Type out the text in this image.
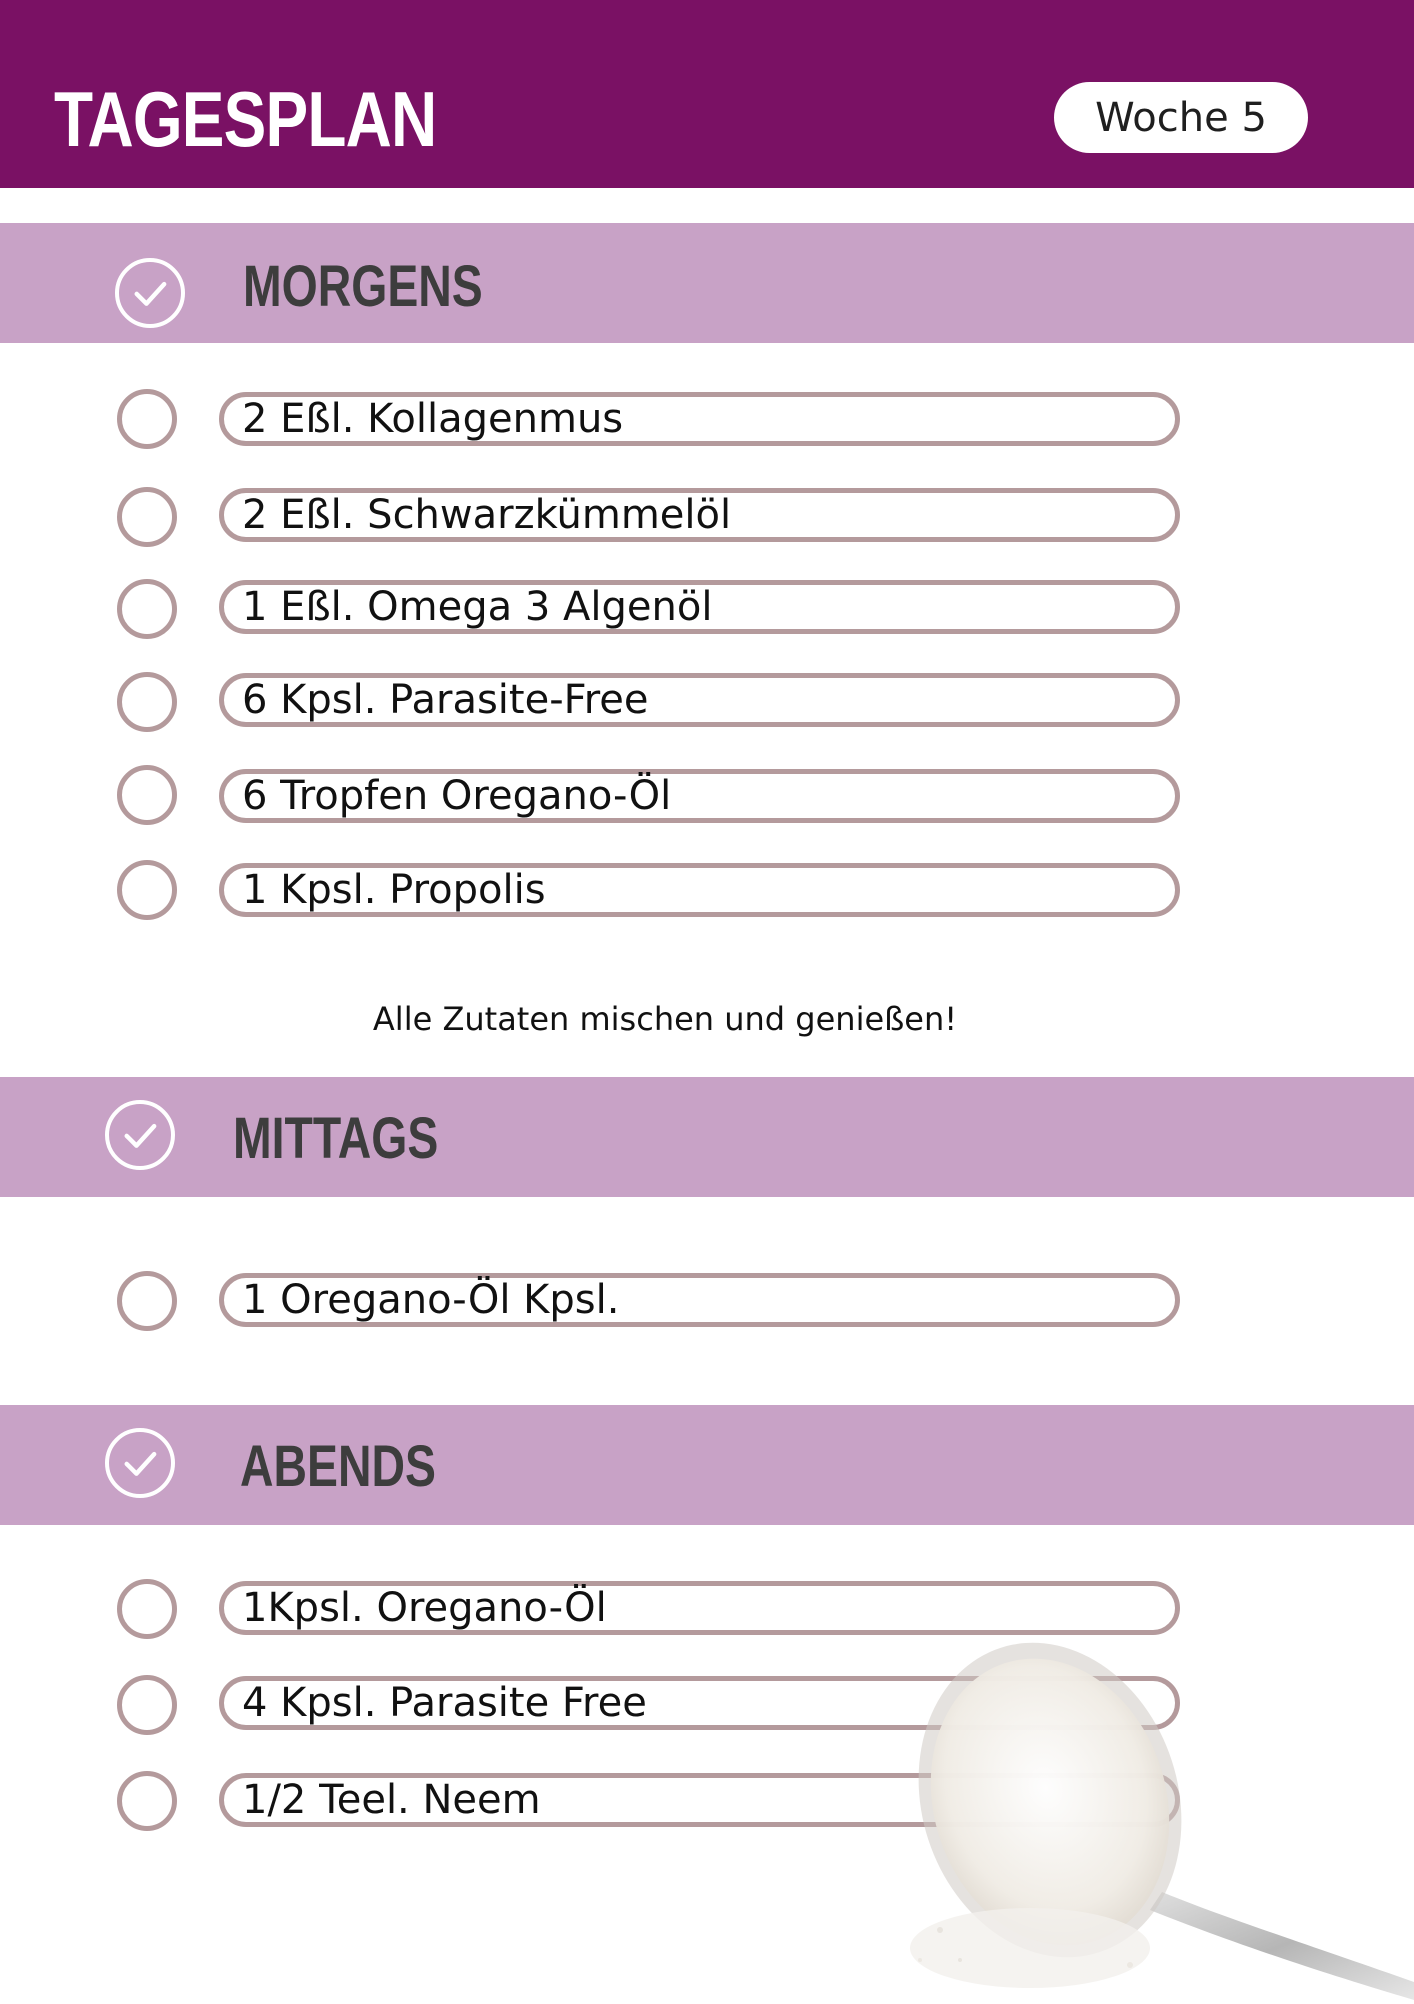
TAGESPLAN	Woche 5
MORGENS
2 Eßl. Kollagenmus
2 Eßl. Schwarzkümmelöl
1 Eßl. Omega 3 Algenöl
6 Kpsl. Parasite-Free
6 Tropfen Oregano-Öl
1 Kpsl. Propolis
Alle Zutaten mischen und genießen!
MITTAGS
1 Oregano-Öl Kpsl.
ABENDS
1Kpsl. Oregano-Öl
4 Kpsl. Parasite Free
1/2 Teel. Neem
